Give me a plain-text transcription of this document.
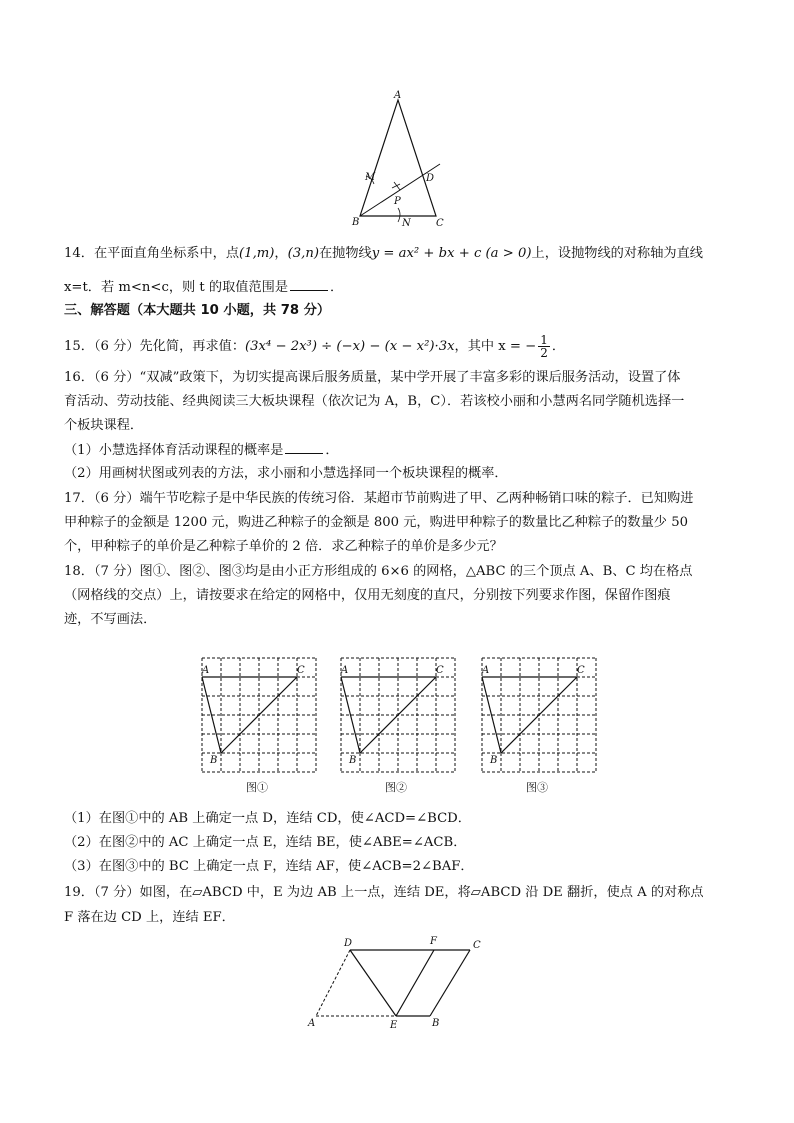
A
M	D
P
B	N	C
14．在平面直角坐标系中，点(1,m)，(3,n)在抛物线y = ax² + bx + c (a > 0)上，设抛物线的对称轴为直线
x=t．若 m<n<c，则 t 的取值范围是	．
三、解答题（本大题共 10 小题，共 78 分）
15．（6 分）先化简，再求值：(3x⁴ − 2x³) ÷ (−x) − (x − x²)·3x，其中 x = − $\frac{1}{2}$ ．
16．（6 分）“双减”政策下，为切实提高课后服务质量，某中学开展了丰富多彩的课后服务活动，设置了体
育活动、劳动技能、经典阅读三大板块课程（依次记为 A，B，C）．若该校小丽和小慧两名同学随机选择一
个板块课程．
（1）小慧选择体育活动课程的概率是	．
（2）用画树状图或列表的方法，求小丽和小慧选择同一个板块课程的概率．
17．（6 分）端午节吃粽子是中华民族的传统习俗．某超市节前购进了甲、乙两种畅销口味的粽子．已知购进
甲种粽子的金额是 1200 元，购进乙种粽子的金额是 800 元，购进甲种粽子的数量比乙种粽子的数量少 50
个，甲种粽子的单价是乙种粽子单价的 2 倍．求乙种粽子的单价是多少元？
18．（7 分）图①、图②、图③均是由小正方形组成的 6×6 的网格，△ABC 的三个顶点 A、B、C 均在格点
（网格线的交点）上，请按要求在给定的网格中，仅用无刻度的直尺，分别按下列要求作图，保留作图痕
迹，不写画法．
A
B
C	A
B
C	A
B
C
图①	图②	图③
（1）在图①中的 AB 上确定一点 D，连结 CD，使∠ACD=∠BCD．
（2）在图②中的 AC 上确定一点 E，连结 BE，使∠ABE=∠ACB．
（3）在图③中的 BC 上确定一点 F，连结 AF，使∠ACB=2∠BAF．
19．（7 分）如图，在▱ABCD 中，E 为边 AB 上一点，连结 DE，将▱ABCD 沿 DE 翻折，使点 A 的对称点
F 落在边 CD 上，连结 EF．
D	F	C
A	E	B
